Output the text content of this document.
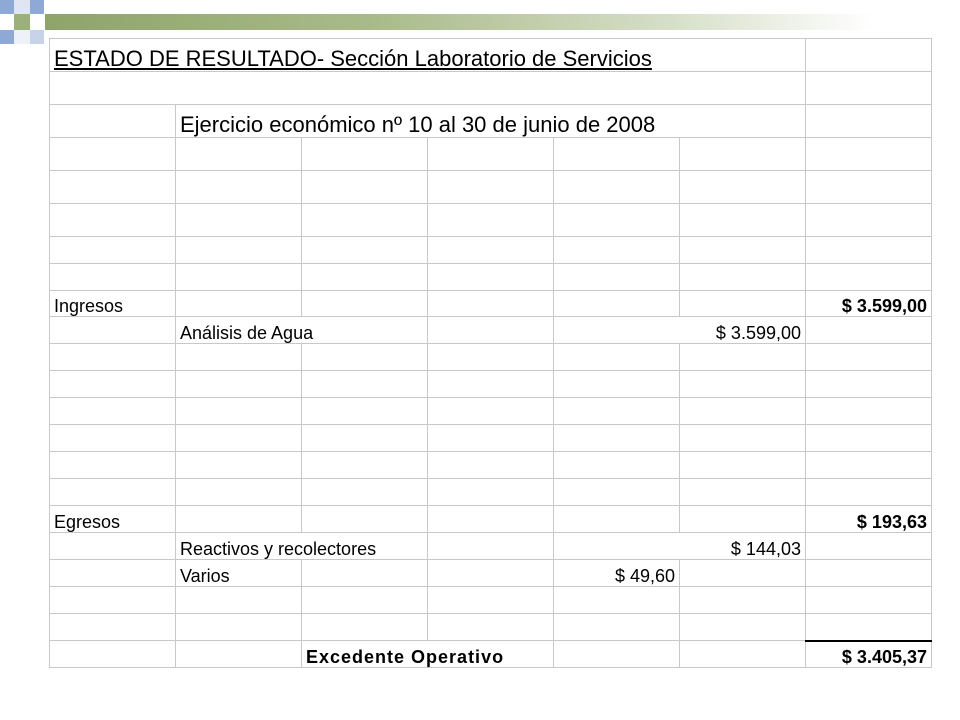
ESTADO DE RESULTADO- Sección Laboratorio de Servicios						

	Ejercicio económico nº 10 al 30 de junio de 2008					

Ingresos						$ 3.599,00
	Análisis de Agua			$ 3.599,00		

Egresos						$ 193,63
	Reactivos y recolectores			$ 144,03		
	Varios			$ 49,60		

		Excedente Operativo				$ 3.405,37
